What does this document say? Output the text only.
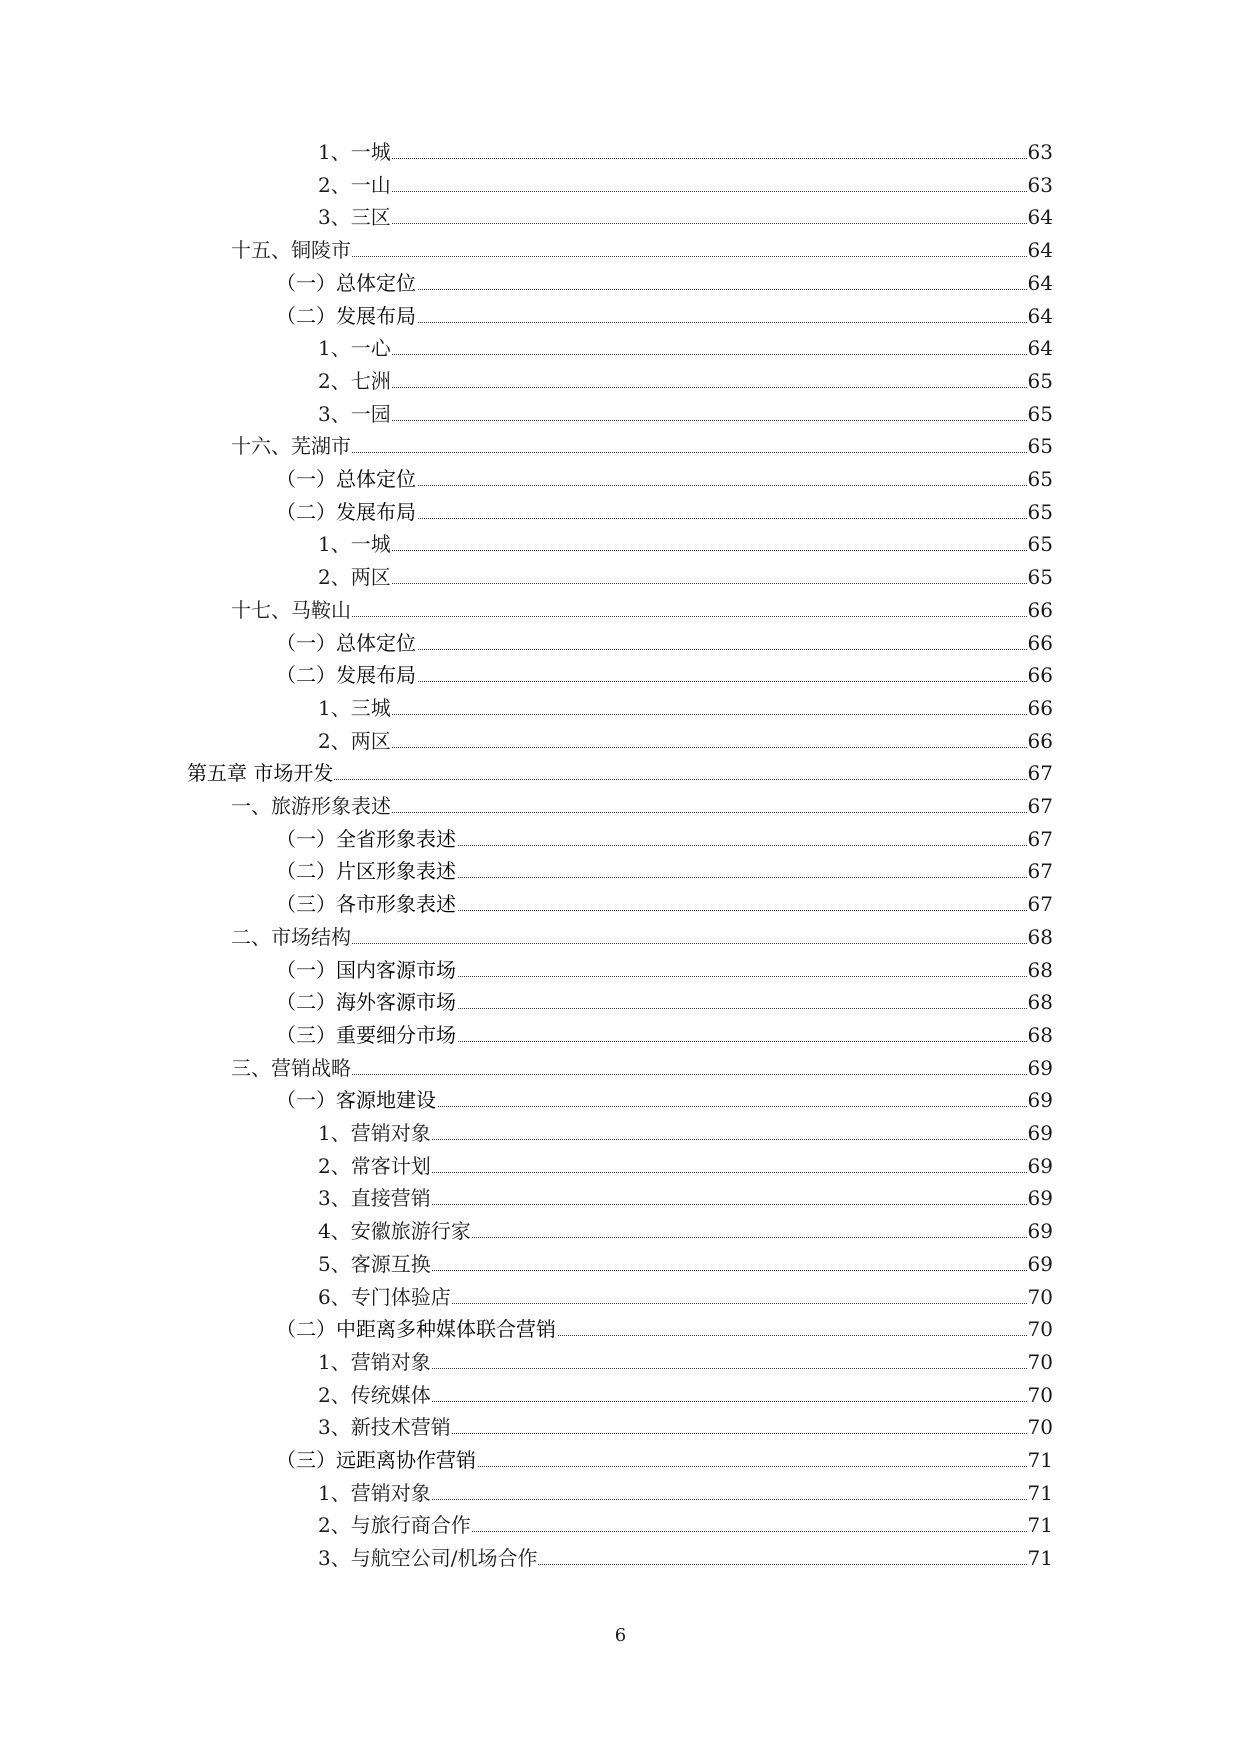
1、一城	63
2、一山	63
3、三区	64
十五、铜陵市	64
（一）总体定位	64
（二）发展布局	64
1、一心	64
2、七洲	65
3、一园	65
十六、芜湖市	65
（一）总体定位	65
（二）发展布局	65
1、一城	65
2、两区	65
十七、马鞍山	66
（一）总体定位	66
（二）发展布局	66
1、三城	66
2、两区	66
第五章 市场开发	67
一、旅游形象表述	67
（一）全省形象表述	67
（二）片区形象表述	67
（三）各市形象表述	67
二、市场结构	68
（一）国内客源市场	68
（二）海外客源市场	68
（三）重要细分市场	68
三、营销战略	69
（一）客源地建设	69
1、营销对象	69
2、常客计划	69
3、直接营销	69
4、安徽旅游行家	69
5、客源互换	69
6、专门体验店	70
（二）中距离多种媒体联合营销	70
1、营销对象	70
2、传统媒体	70
3、新技术营销	70
（三）远距离协作营销	71
1、营销对象	71
2、与旅行商合作	71
3、与航空公司/机场合作	71
6
